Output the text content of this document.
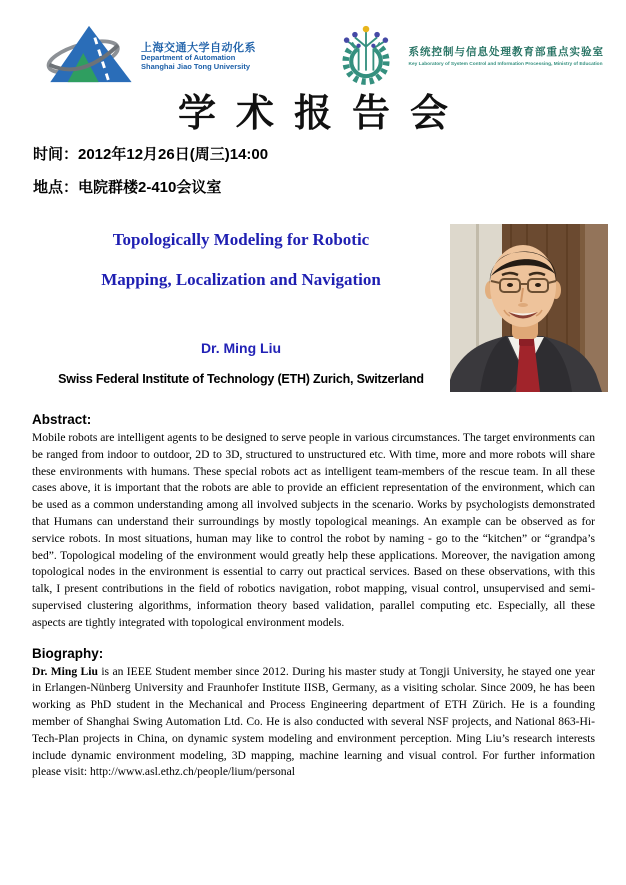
上海交通大学自动化系
Department of Automation
Shanghai Jiao Tong University
系统控制与信息处理教育部重点实验室
Key Laboratory of System Control and Information Processing, Ministry of Education
学术报告会

时间：2012年12月26日(周三)14:00

地点：电院群楼2-410会议室

Topologically Modeling for Robotic
Mapping, Localization and Navigation

Dr. Ming Liu

Swiss Federal Institute of Technology (ETH) Zurich, Switzerland

Abstract:

Mobile robots are intelligent agents to be designed to serve people in various circumstances. The target environments can be ranged from indoor to outdoor, 2D to 3D, structured to unstructured etc. With time, more and more robots will share these environments with humans. These special robots act as intelligent team-members of the rescue team. In all these cases above, it is important that the robots are able to provide an efficient representation of the environment, which can be used as a common understanding among all involved subjects in the scenario. Works by psychologists demonstrated that Humans can understand their surroundings by mostly topological meanings. An example can be observed as for service robots. In most situations, human may like to control the robot by naming - go to the “kitchen” or “grandpa’s bed”. Topological modeling of the environment would greatly help these applications. Moreover, the navigation among topological nodes in the environment is essential to carry out practical services. Based on these observations, with this talk, I present contributions in the field of robotics navigation, robot mapping, visual control, unsupervised and semi-supervised clustering algorithms, information theory based validation, parallel computing etc. Especially, all these aspects are tightly integrated with topological environment models.

Biography:

Dr. Ming Liu is an IEEE Student member since 2012. During his master study at Tongji University, he stayed one year in Erlangen-Nünberg University and Fraunhofer Institute IISB, Germany, as a visiting scholar. Since 2009, he has been working as PhD student in the Mechanical and Process Engineering department of ETH Zürich. He is a founding member of Shanghai Swing Automation Ltd. Co. He is also conducted with several NSF projects, and National 863-Hi-Tech-Plan projects in China, on dynamic system modeling and environment perception. Ming Liu’s research interests include dynamic environment modeling, 3D mapping, machine learning and visual control. For further information please visit: http://www.asl.ethz.ch/people/lium/personal
